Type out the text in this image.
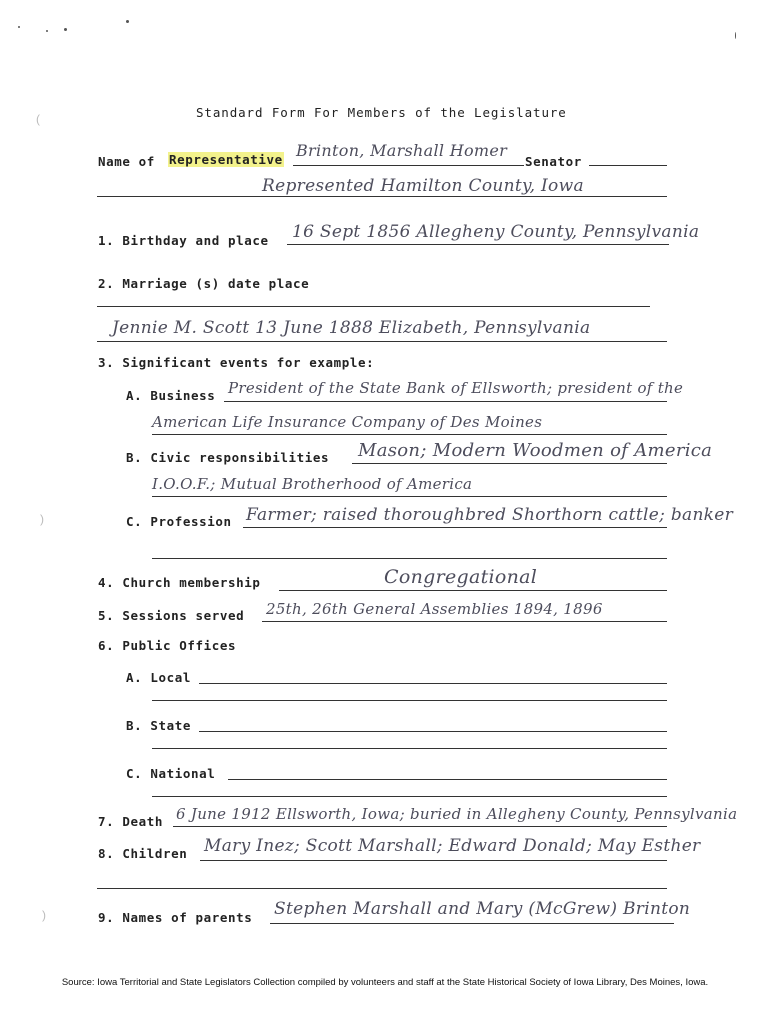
(
)
)
Standard Form For Members of the Legislature
Name of Representative Brinton, Marshall Homer
Senator
Represented Hamilton County, Iowa
1. Birthday and place 16 Sept 1856 Allegheny County, Pennsylvania
2. Marriage (s) date place
Jennie M. Scott 13 June 1888 Elizabeth, Pennsylvania
3. Significant events for example:
A. Business President of the State Bank of Ellsworth; president of the
American Life Insurance Company of Des Moines
B. Civic responsibilities Mason; Modern Woodmen of America
I.O.O.F.; Mutual Brotherhood of America
C. Profession Farmer; raised thoroughbred Shorthorn cattle; banker
4. Church membership	Congregational
5. Sessions served 25th, 26th General Assemblies 1894, 1896
6. Public Offices
A. Local
B. State
C. National
7. Death 6 June 1912 Ellsworth, Iowa; buried in Allegheny County, Pennsylvania
8. Children Mary Inez; Scott Marshall; Edward Donald; May Esther
9. Names of parents Stephen Marshall and Mary (McGrew) Brinton
Source: Iowa Territorial and State Legislators Collection compiled by volunteers and staff at the State Historical Society of Iowa Library, Des Moines, Iowa.
